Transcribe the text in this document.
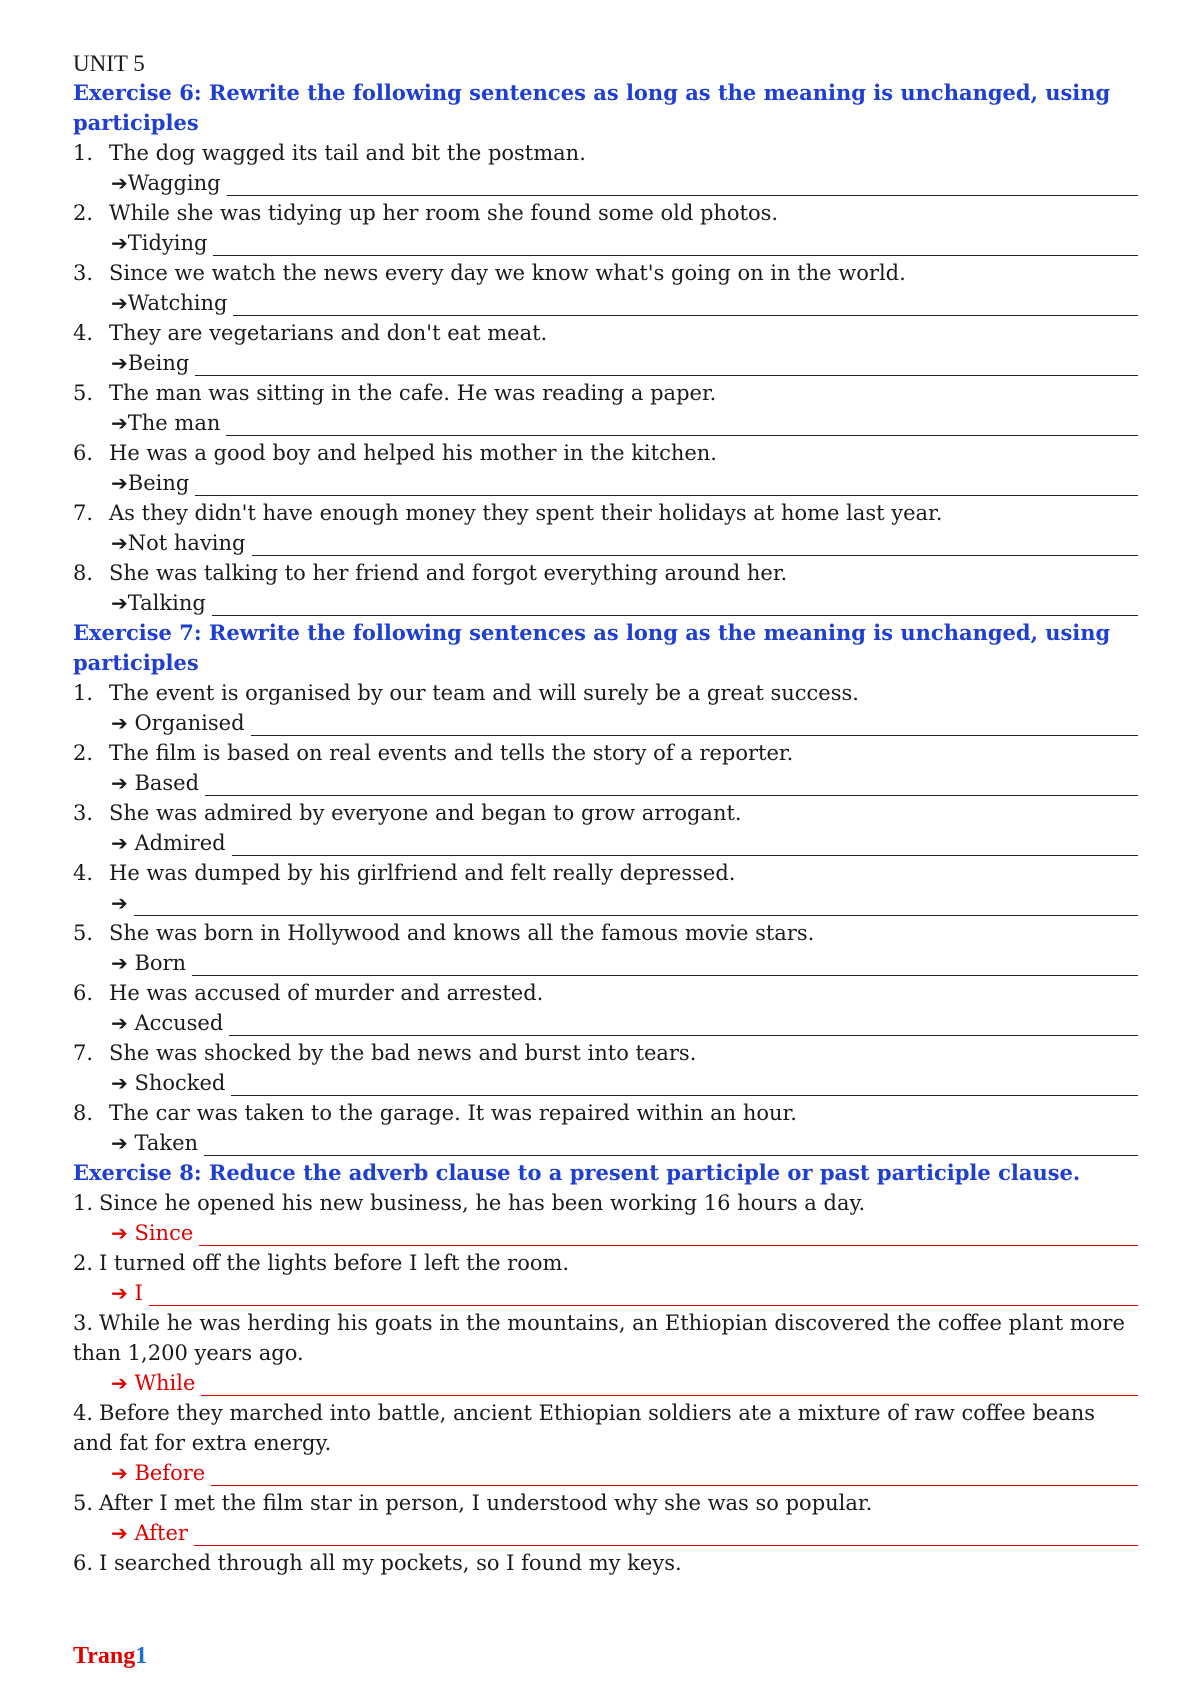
UNIT 5
Exercise 6: Rewrite the following sentences as long as the meaning is unchanged, using participles
1. The dog wagged its tail and bit the postman.
➔ Wagging
2. While she was tidying up her room she found some old photos.
➔ Tidying
3. Since we watch the news every day we know what's going on in the world.
➔ Watching
4. They are vegetarians and don't eat meat.
➔ Being
5. The man was sitting in the cafe. He was reading a paper.
➔ The man
6. He was a good boy and helped his mother in the kitchen.
➔ Being
7. As they didn't have enough money they spent their holidays at home last year.
➔ Not having
8. She was talking to her friend and forgot everything around her.
➔ Talking
Exercise 7: Rewrite the following sentences as long as the meaning is unchanged, using participles
1. The event is organised by our team and will surely be a great success.
➔ Organised
2. The film is based on real events and tells the story of a reporter.
➔ Based
3. She was admired by everyone and began to grow arrogant.
➔ Admired
4. He was dumped by his girlfriend and felt really depressed.
➔
5. She was born in Hollywood and knows all the famous movie stars.
➔ Born
6. He was accused of murder and arrested.
➔ Accused
7. She was shocked by the bad news and burst into tears.
➔ Shocked
8. The car was taken to the garage. It was repaired within an hour.
➔ Taken
Exercise 8: Reduce the adverb clause to a present participle or past participle clause.
1. Since he opened his new business, he has been working 16 hours a day.
➔ Since
2. I turned off the lights before I left the room.
➔ I
3. While he was herding his goats in the mountains, an Ethiopian discovered the coffee plant more than 1,200 years ago.
➔ While
4. Before they marched into battle, ancient Ethiopian soldiers ate a mixture of raw coffee beans and fat for extra energy.
➔ Before
5. After I met the film star in person, I understood why she was so popular.
➔ After
6. I searched through all my pockets, so I found my keys.
Trang1
